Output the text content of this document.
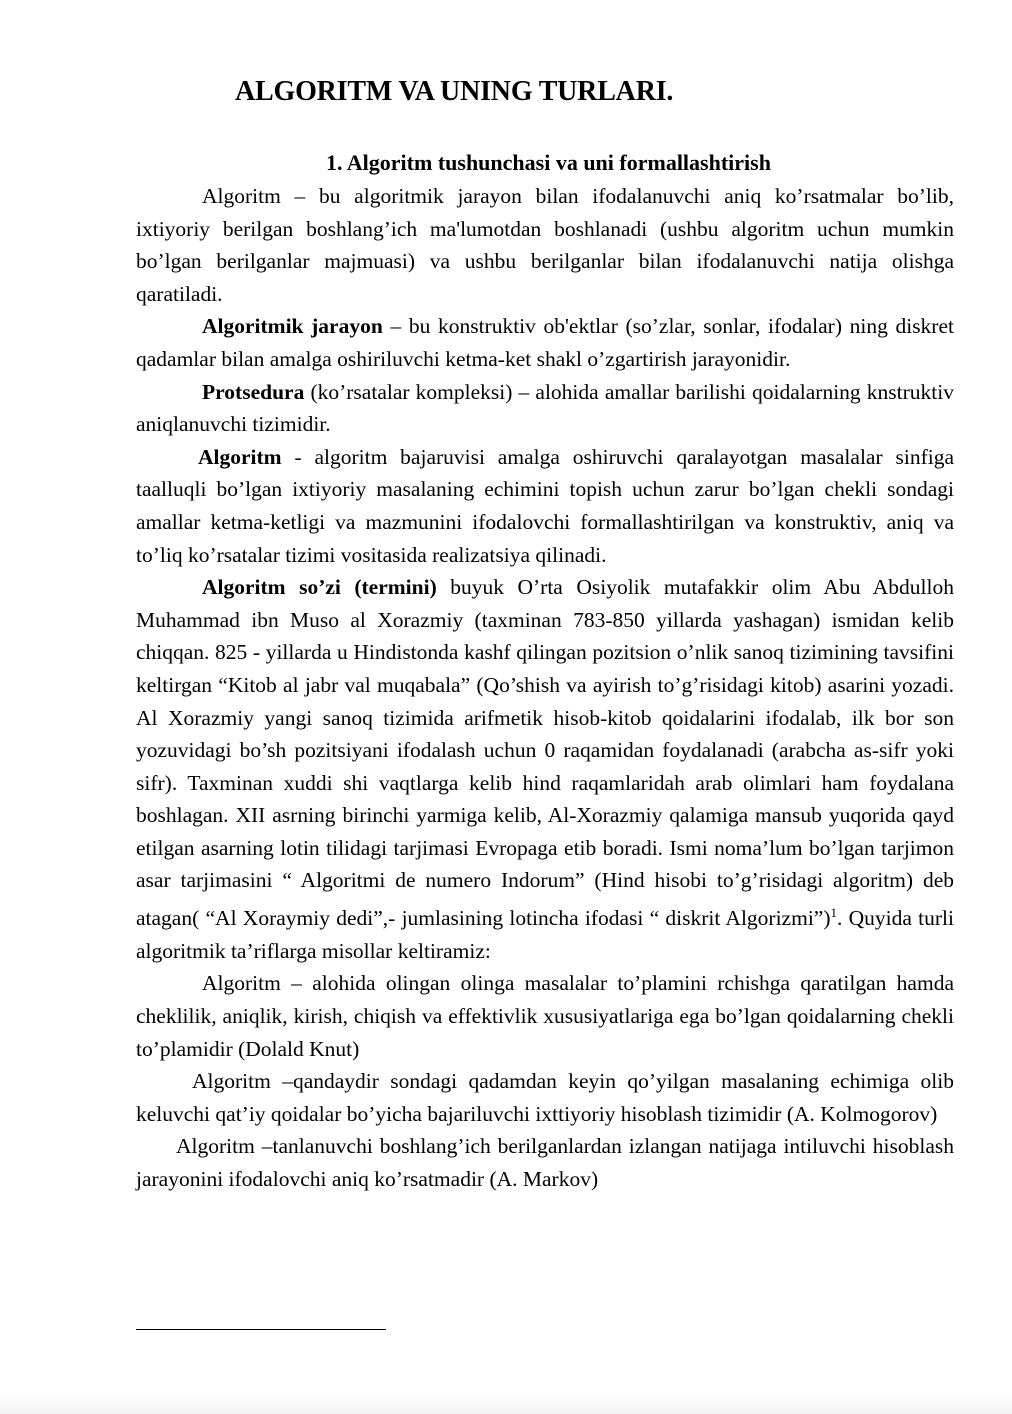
ALGORITM VA UNING TURLARI.
1. Algoritm tushunchasi va uni formallashtirish

Algoritm – bu algoritmik jarayon bilan ifodalanuvchi aniq ko’rsatmalar bo’lib, ixtiyoriy berilgan boshlang’ich ma'lumotdan boshlanadi (ushbu algoritm uchun mumkin bo’lgan berilganlar majmuasi) va ushbu berilganlar bilan ifodalanuvchi natija olishga qaratiladi.

Algoritmik jarayon – bu konstruktiv ob'ektlar (so’zlar, sonlar, ifodalar) ning diskret qadamlar bilan amalga oshiriluvchi ketma-ket shakl o’zgartirish jarayonidir.

Protsedura (ko’rsatalar kompleksi) – alohida amallar barilishi qoidalarning knstruktiv aniqlanuvchi tizimidir.

Algoritm - algoritm bajaruvisi amalga oshiruvchi qaralayotgan masalalar sinfiga taalluqli bo’lgan ixtiyoriy masalaning echimini topish uchun zarur bo’lgan chekli sondagi amallar ketma-ketligi va mazmunini ifodalovchi formallashtirilgan va konstruktiv, aniq va to’liq ko’rsatalar tizimi vositasida realizatsiya qilinadi.

Algoritm so’zi (termini) buyuk O’rta Osiyolik mutafakkir olim Abu Abdulloh Muhammad ibn Muso al Xorazmiy (taxminan 783-850 yillarda yashagan) ismidan kelib chiqqan. 825 - yillarda u Hindistonda kashf qilingan pozitsion o’nlik sanoq tizimining tavsifini keltirgan “Kitob al jabr val muqabala” (Qo’shish va ayirish to’g’risidagi kitob) asarini yozadi. Al Xorazmiy yangi sanoq tizimida arifmetik hisob-kitob qoidalarini ifodalab, ilk bor son yozuvidagi bo’sh pozitsiyani ifodalash uchun 0 raqamidan foydalanadi (arabcha as-sifr yoki sifr). Taxminan xuddi shi vaqtlarga kelib hind raqamlaridah arab olimlari ham foydalana boshlagan. XII asrning birinchi yarmiga kelib, Al-Xorazmiy qalamiga mansub yuqorida qayd etilgan asarning lotin tilidagi tarjimasi Evropaga etib boradi. Ismi noma’lum bo’lgan tarjimon asar tarjimasini “ Algoritmi de numero Indorum” (Hind hisobi to’g’risidagi algoritm) deb atagan( “Al Xoraymiy dedi”,- jumlasining lotincha ifodasi “ diskrit Algorizmi”)$^1$. Quyida turli algoritmik ta’riflarga misollar keltiramiz:

Algoritm – alohida olingan olinga masalalar to’plamini rchishga qaratilgan hamda cheklilik, aniqlik, kirish, chiqish va effektivlik xususiyatlariga ega bo’lgan qoidalarning chekli to’plamidir (Dolald Knut)

Algoritm –qandaydir sondagi qadamdan keyin qo’yilgan masalaning echimiga olib keluvchi qat’iy qoidalar bo’yicha bajariluvchi ixttiyoriy hisoblash tizimidir (A. Kolmogorov)

Algoritm –tanlanuvchi boshlang’ich berilganlardan izlangan natijaga intiluvchi hisoblash jarayonini ifodalovchi aniq ko’rsatmadir (A. Markov)
